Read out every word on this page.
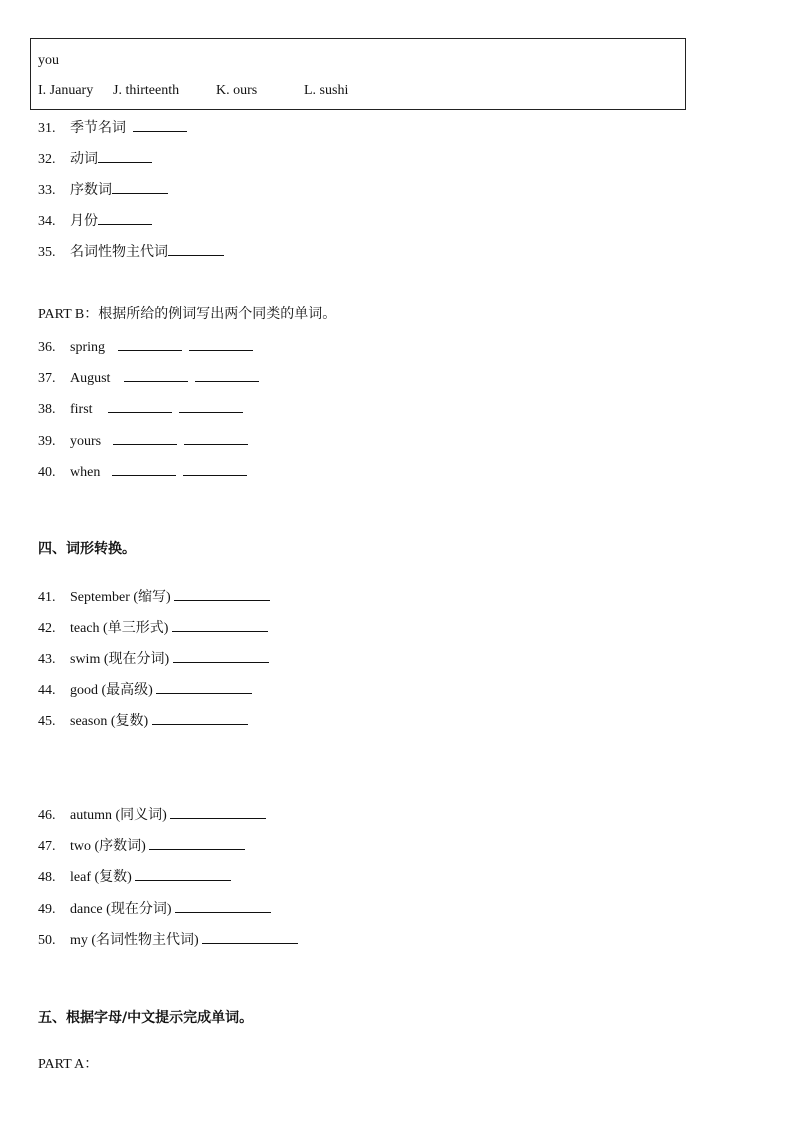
you
I. January J. thirteenth	K. ours	L. sushi
31. 季节名词
32. 动词
33. 序数词
34. 月份
35. 名词性物主代词
PART B：根据所给的例词写出两个同类的单词。
36. spring
37. August
38. first
39. yours
40. when
四、词形转换。
41. September (缩写)
42. teach (单三形式)
43. swim (现在分词)
44. good (最高级)
45. season (复数)
46. autumn (同义词)
47. two (序数词)
48. leaf (复数)
49. dance (现在分词)
50. my (名词性物主代词)
五、根据字母/中文提示完成单词。
PART A：
